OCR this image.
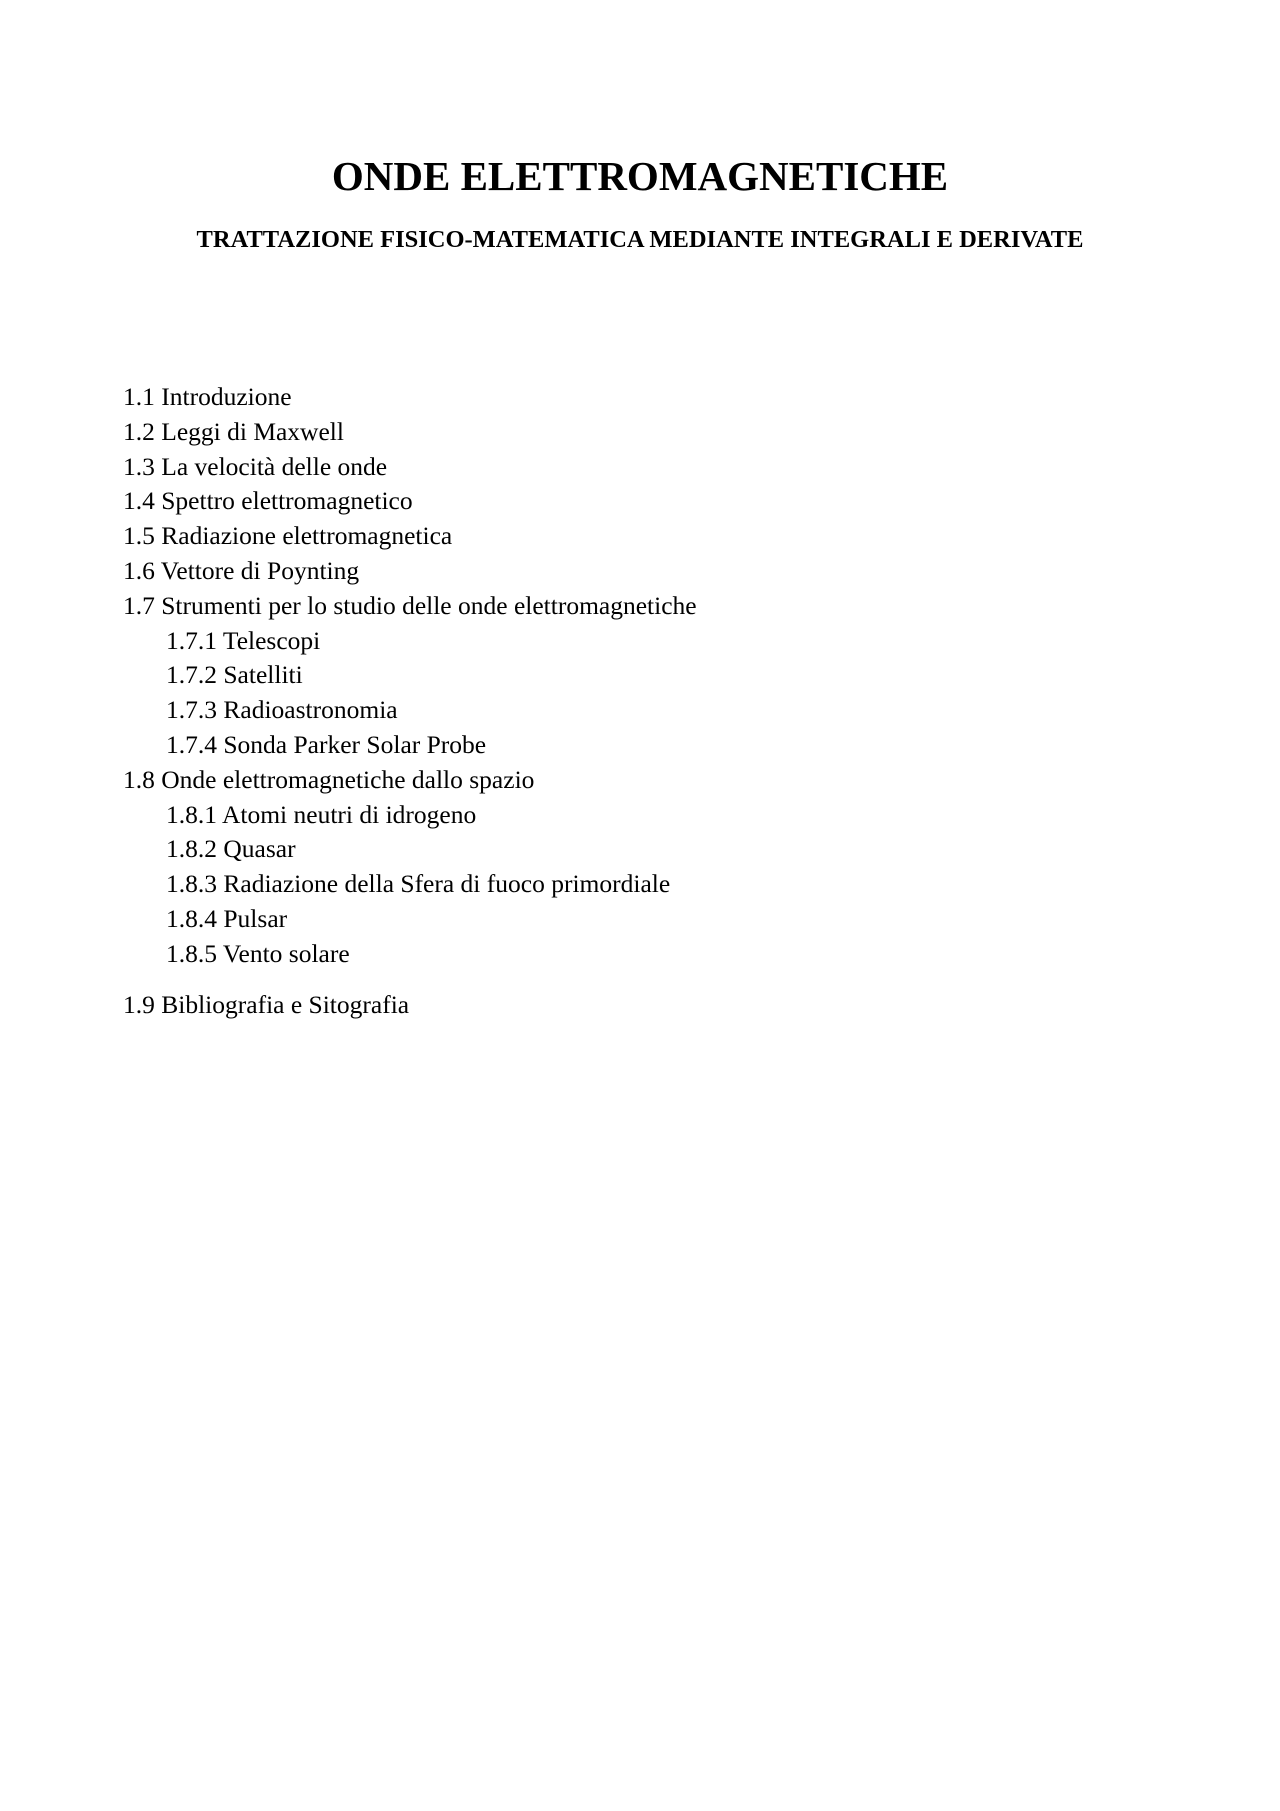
ONDE ELETTROMAGNETICHE
TRATTAZIONE FISICO-MATEMATICA MEDIANTE INTEGRALI E DERIVATE
1.1 Introduzione
1.2 Leggi di Maxwell
1.3 La velocità delle onde
1.4 Spettro elettromagnetico
1.5 Radiazione elettromagnetica
1.6 Vettore di Poynting
1.7 Strumenti per lo studio delle onde elettromagnetiche
1.7.1 Telescopi
1.7.2 Satelliti
1.7.3 Radioastronomia
1.7.4 Sonda Parker Solar Probe
1.8 Onde elettromagnetiche dallo spazio
1.8.1 Atomi neutri di idrogeno
1.8.2 Quasar
1.8.3 Radiazione della Sfera di fuoco primordiale
1.8.4 Pulsar
1.8.5 Vento solare
1.9 Bibliografia e Sitografia
